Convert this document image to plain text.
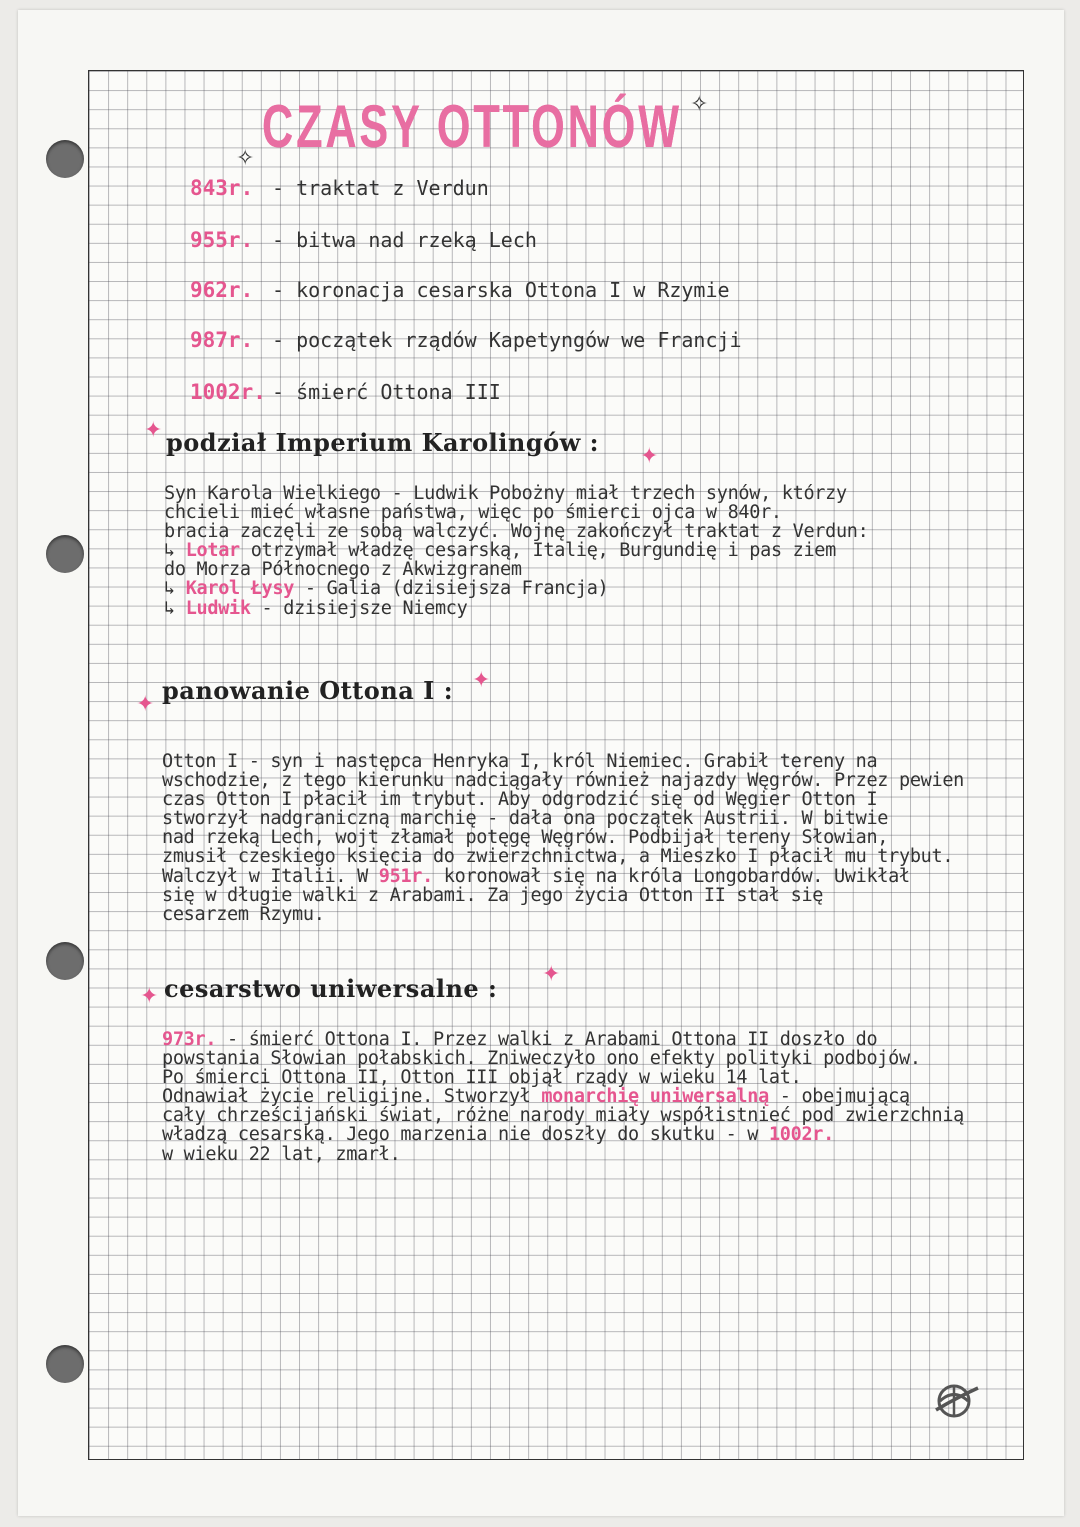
✧ CZASY OTTONÓW ✧
843r. - traktat z Verdun
955r. - bitwa nad rzeką Lech
962r. - koronacja cesarska Ottona I w Rzymie
987r. - początek rządów Kapetyngów we Francji
1002r. - śmierć Ottona III
✦ podział Imperium Karolingów : ✦
Syn Karola Wielkiego - Ludwik Pobożny miał trzech synów, którzy
chcieli mieć własne państwa, więc po śmierci ojca w 840r.
bracia zaczęli ze sobą walczyć. Wojnę zakończył traktat z Verdun:
↳ Lotar otrzymał władzę cesarską, Italię, Burgundię i pas ziem
do Morza Północnego z Akwizgranem
↳ Karol Łysy - Galia (dzisiejsza Francja)
↳ Ludwik - dzisiejsze Niemcy
✦ panowanie Ottona I : ✦
Otton I - syn i następca Henryka I, król Niemiec. Grabił tereny na
wschodzie, z tego kierunku nadciągały również najazdy Węgrów. Przez pewien
czas Otton I płacił im trybut. Aby odgrodzić się od Węgier Otton I
stworzył nadgraniczną marchię - dała ona początek Austrii. W bitwie
nad rzeką Lech, wojt złamał potęgę Węgrów. Podbijał tereny Słowian,
zmusił czeskiego księcia do zwierzchnictwa, a Mieszko I płacił mu trybut.
Walczył w Italii. W 951r. koronował się na króla Longobardów. Uwikłał
się w długie walki z Arabami. Za jego życia Otton II stał się
cesarzem Rzymu.
✦ cesarstwo uniwersalne : ✦
973r. - śmierć Ottona I. Przez walki z Arabami Ottona II doszło do
powstania Słowian połabskich. Zniweczyło ono efekty polityki podbojów.
Po śmierci Ottona II, Otton III objął rządy w wieku 14 lat.
Odnawiał życie religijne. Stworzył monarchię uniwersalną - obejmującą
cały chrześcijański świat, różne narody miały współistnieć pod zwierzchnią
władzą cesarską. Jego marzenia nie doszły do skutku - w 1002r.
w wieku 22 lat, zmarł.
